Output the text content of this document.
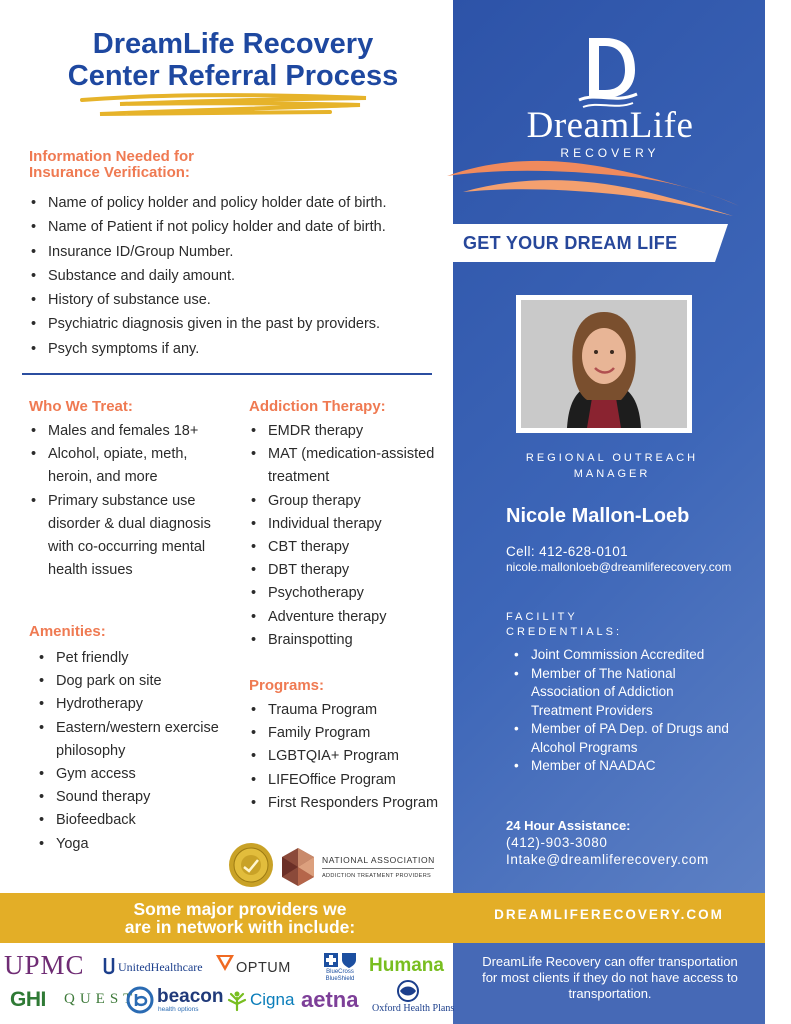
DreamLife
RECOVERY
GET YOUR DREAM LIFE
REGIONAL OUTREACH MANAGER
Nicole Mallon-Loeb
Cell: 412-628-0101
nicole.mallonloeb@dreamliferecovery.com
FACILITY CREDENTIALS:
• Joint Commission Accredited
• Member of The National Association of Addiction Treatment Providers
• Member of PA Dep. of Drugs and Alcohol Programs
• Member of NAADAC
24 Hour Assistance:
(412)-903-3080
Intake@dreamliferecovery.com
DreamLife Recovery
Center Referral Process
Information Needed for
Insurance Verification:
• Name of policy holder and policy holder date of birth.
• Name of Patient if not policy holder and date of birth.
• Insurance ID/Group Number.
• Substance and daily amount.
• History of substance use.
• Psychiatric diagnosis given in the past by providers.
• Psych symptoms if any.
Who We Treat:
• Males and females 18+
• Alcohol, opiate, meth, heroin, and more
• Primary substance use disorder & dual diagnosis with co-occurring mental health issues
Amenities:
• Pet friendly
• Dog park on site
• Hydrotherapy
• Eastern/western exercise philosophy
• Gym access
• Sound therapy
• Biofeedback
• Yoga
Addiction Therapy:
• EMDR therapy
• MAT (medication-assisted treatment
• Group therapy
• Individual therapy
• CBT therapy
• DBT therapy
• Psychotherapy
• Adventure therapy
• Brainspotting
Programs:
• Trauma Program
• Family Program
• LGBTQIA+ Program
• LIFEOffice Program
• First Responders Program
NATIONAL ASSOCIATION
ADDICTION TREATMENT PROVIDERS
Some major providers we
are in network with include:
DREAMLIFERECOVERY.COM
DreamLife Recovery can offer transportation for most clients if they do not have access to transportation.
UPMC	UnitedHealthcare OPTUM	BlueCross BlueShield
Humana
GHI QUEST beacon
health options
Cigna aetna Oxford Health Plans
